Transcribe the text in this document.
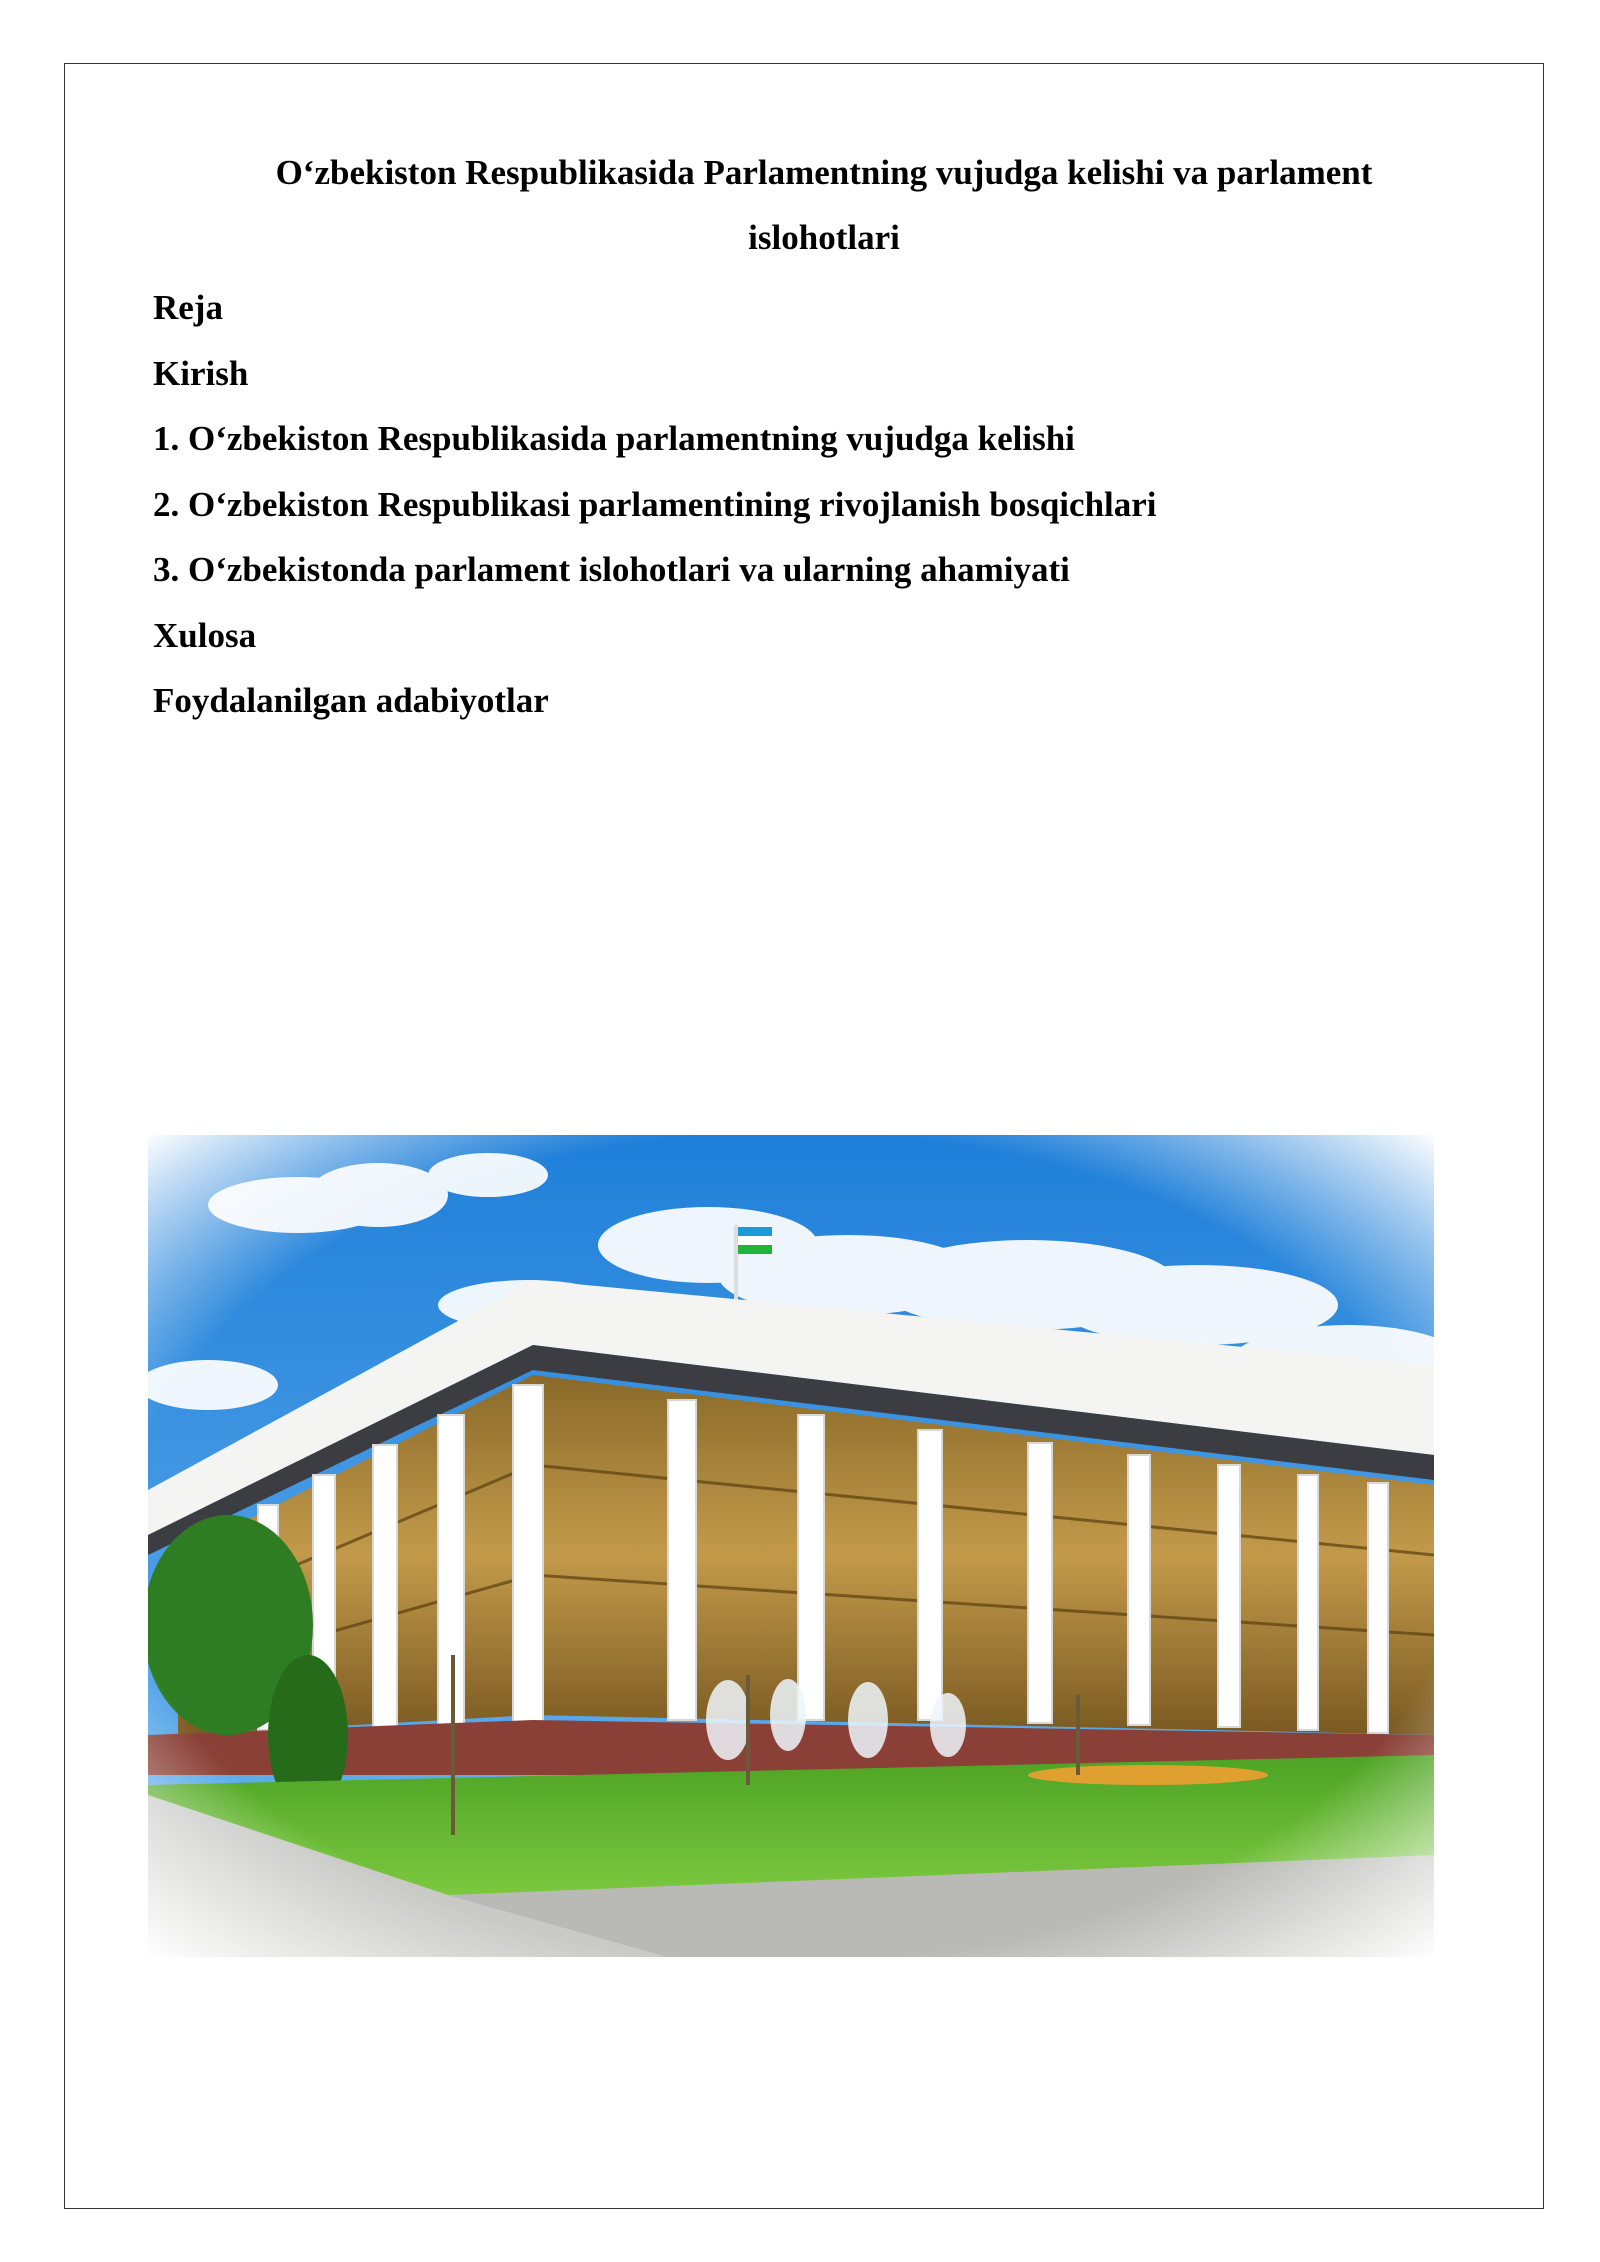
O‘zbekiston Respublikasida Parlamentning vujudga kelishi va parlament
islohotlari
Reja
Kirish
1. O‘zbekiston Respublikasida parlamentning vujudga kelishi
2. O‘zbekiston Respublikasi parlamentining rivojlanish bosqichlari
3. O‘zbekistonda parlament islohotlari va ularning ahamiyati
Xulosa
Foydalanilgan adabiyotlar
